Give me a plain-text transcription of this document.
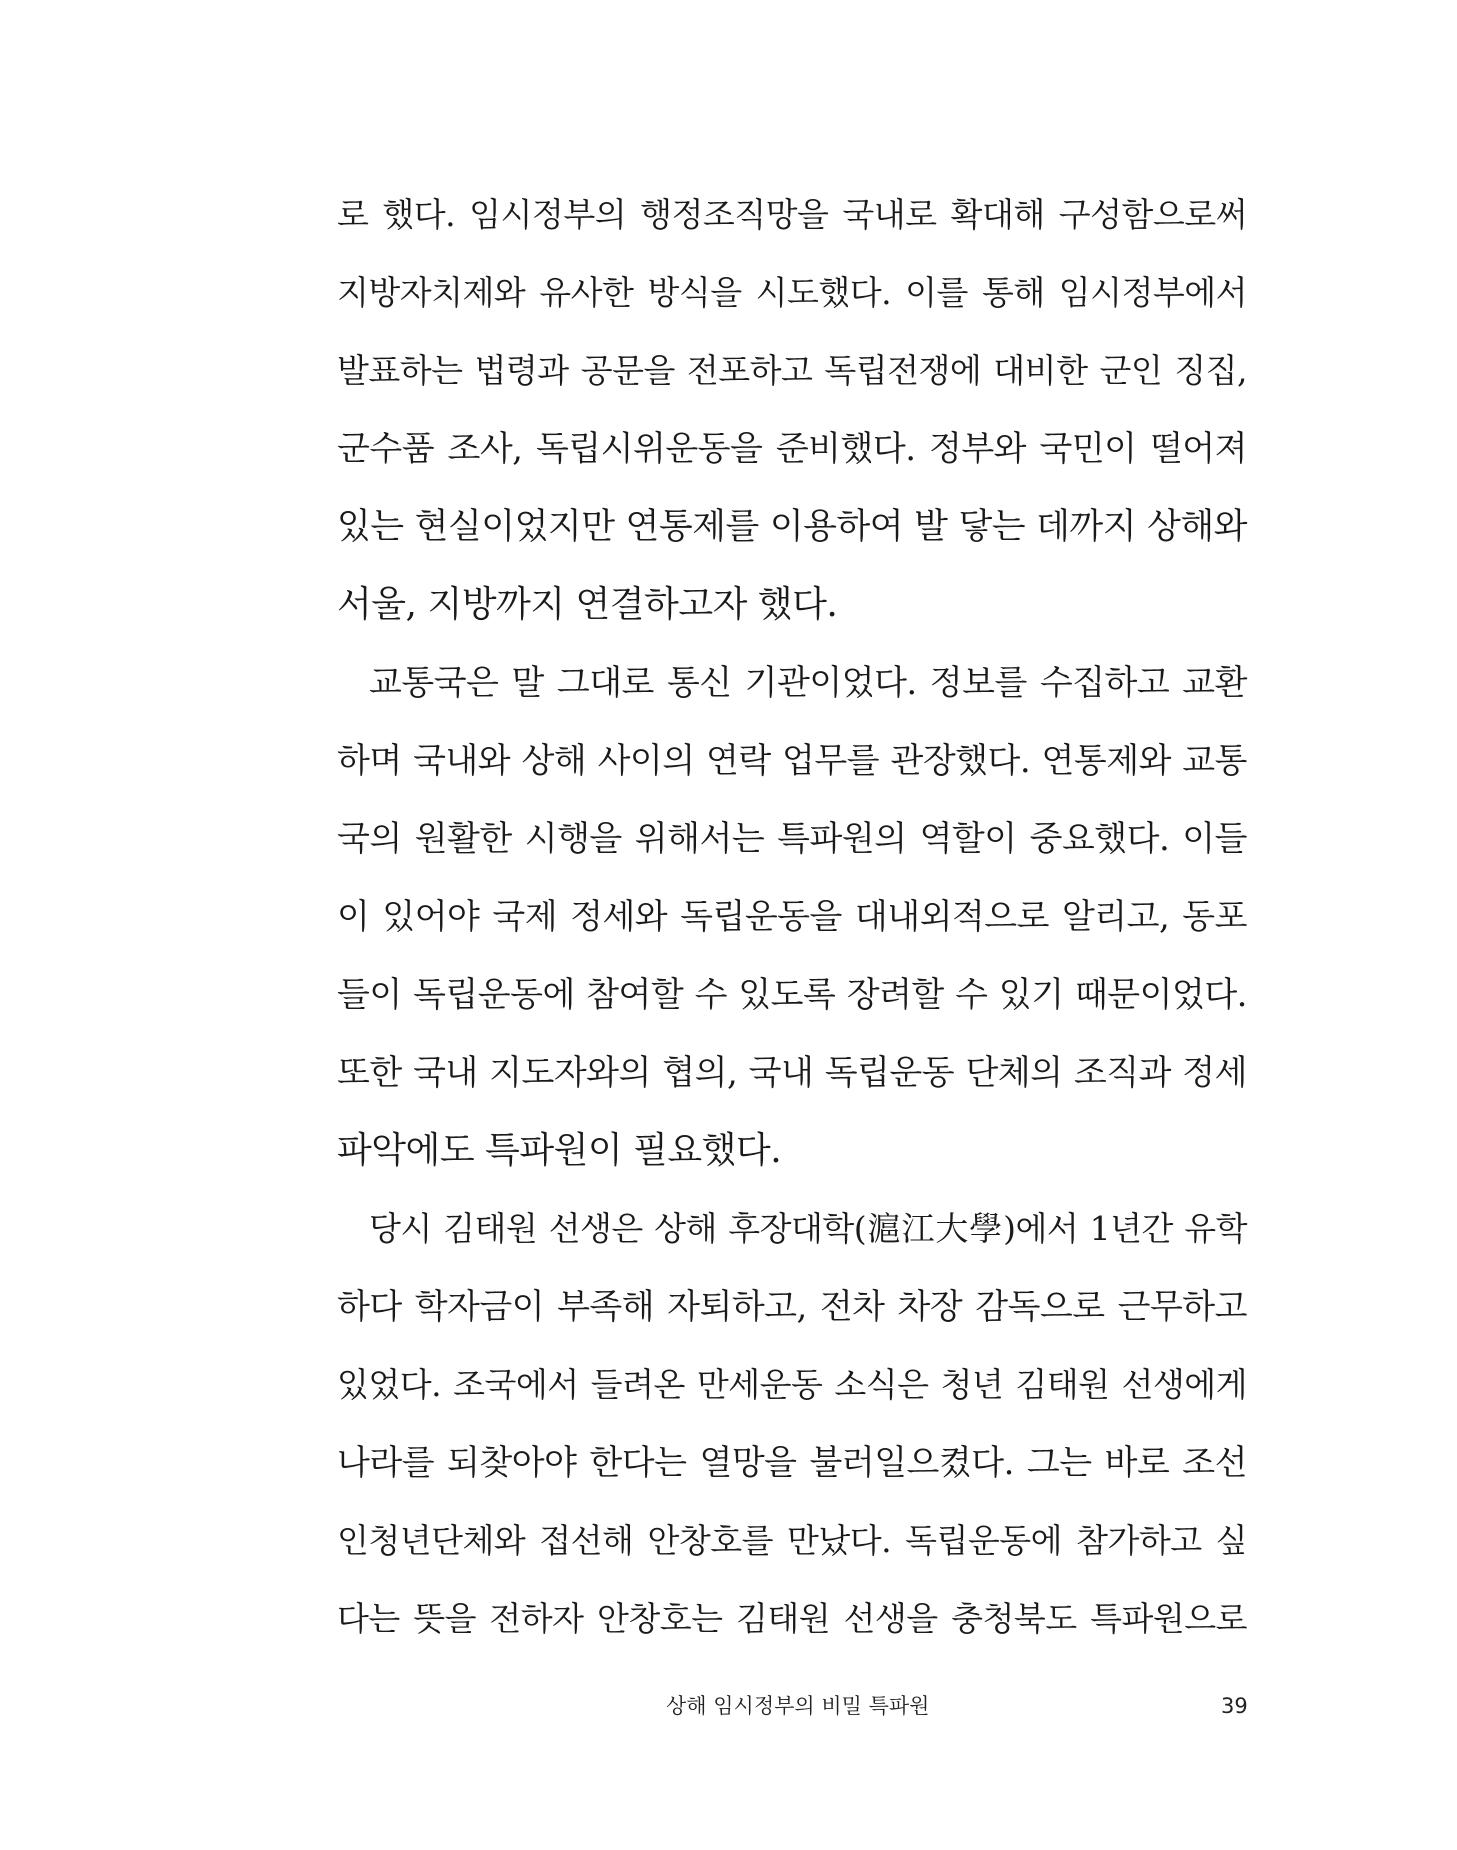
로 했다. 임시정부의 행정조직망을 국내로 확대해 구성함으로써
지방자치제와 유사한 방식을 시도했다. 이를 통해 임시정부에서
발표하는 법령과 공문을 전포하고 독립전쟁에 대비한 군인 징집,
군수품 조사, 독립시위운동을 준비했다. 정부와 국민이 떨어져
있는 현실이었지만 연통제를 이용하여 발 닿는 데까지 상해와
서울, 지방까지 연결하고자 했다.
교통국은 말 그대로 통신 기관이었다. 정보를 수집하고 교환
하며 국내와 상해 사이의 연락 업무를 관장했다. 연통제와 교통
국의 원활한 시행을 위해서는 특파원의 역할이 중요했다. 이들
이 있어야 국제 정세와 독립운동을 대내외적으로 알리고, 동포
들이 독립운동에 참여할 수 있도록 장려할 수 있기 때문이었다.
또한 국내 지도자와의 협의, 국내 독립운동 단체의 조직과 정세
파악에도 특파원이 필요했다.
당시 김태원 선생은 상해 후장대학(滬江大學)에서 1년간 유학
하다 학자금이 부족해 자퇴하고, 전차 차장 감독으로 근무하고
있었다. 조국에서 들려온 만세운동 소식은 청년 김태원 선생에게
나라를 되찾아야 한다는 열망을 불러일으켰다. 그는 바로 조선
인청년단체와 접선해 안창호를 만났다. 독립운동에 참가하고 싶
다는 뜻을 전하자 안창호는 김태원 선생을 충청북도 특파원으로
상해 임시정부의 비밀 특파원	39
